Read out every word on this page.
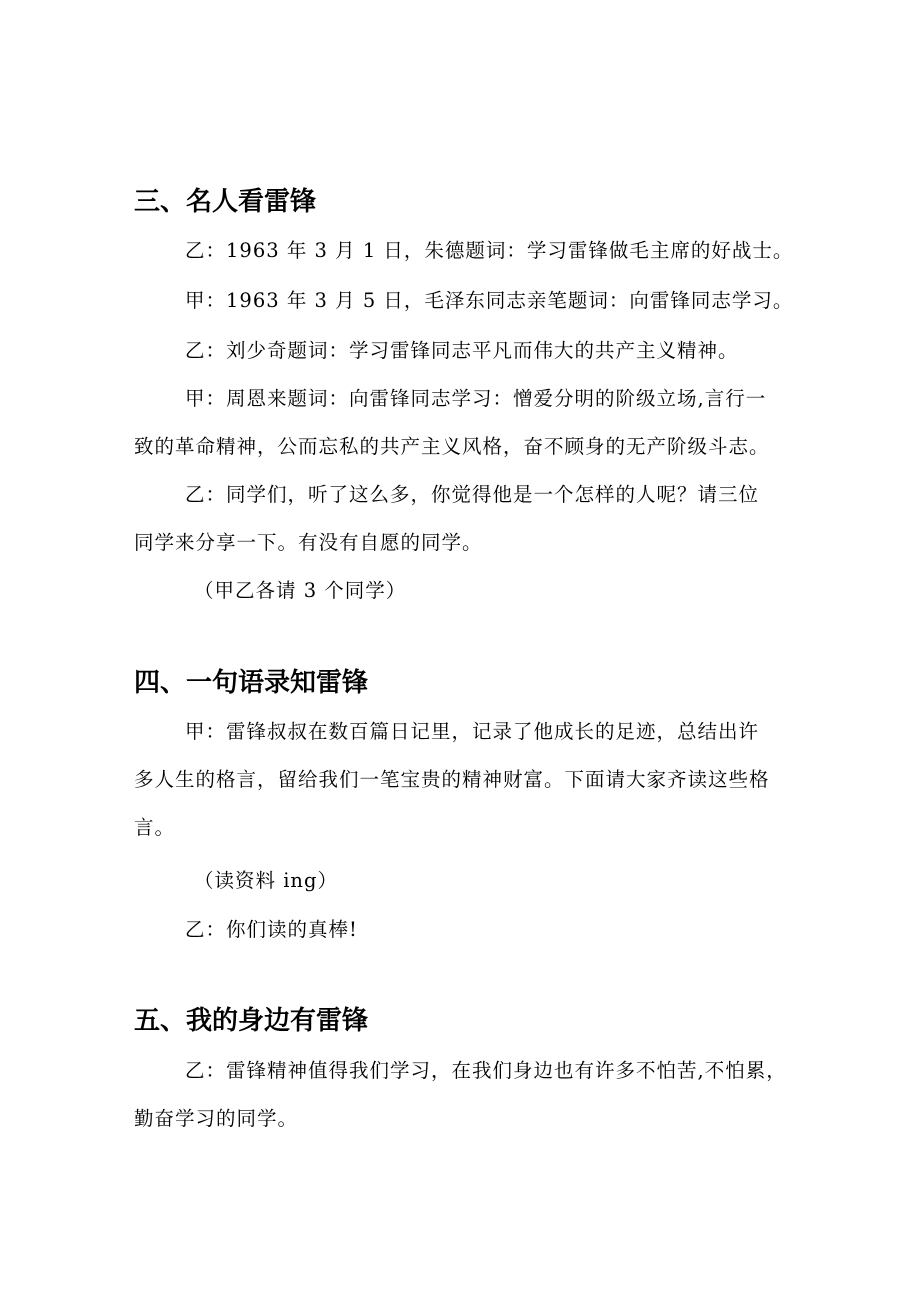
三、名人看雷锋

乙：1963 年 3 月 1 日，朱德题词：学习雷锋做毛主席的好战士。

甲：1963 年 3 月 5 日，毛泽东同志亲笔题词：向雷锋同志学习。

乙：刘少奇题词：学习雷锋同志平凡而伟大的共产主义精神。

甲：周恩来题词：向雷锋同志学习：憎爱分明的阶级立场,言行一

致的革命精神，公而忘私的共产主义风格，奋不顾身的无产阶级斗志。

乙：同学们，听了这么多，你觉得他是一个怎样的人呢？请三位

同学来分享一下。有没有自愿的同学。

（甲乙各请 3 个同学）

四、一句语录知雷锋

甲：雷锋叔叔在数百篇日记里，记录了他成长的足迹，总结出许

多人生的格言，留给我们一笔宝贵的精神财富。下面请大家齐读这些格

言。

（读资料 ing）

乙：你们读的真棒!

五、我的身边有雷锋

乙：雷锋精神值得我们学习，在我们身边也有许多不怕苦,不怕累，

勤奋学习的同学。
